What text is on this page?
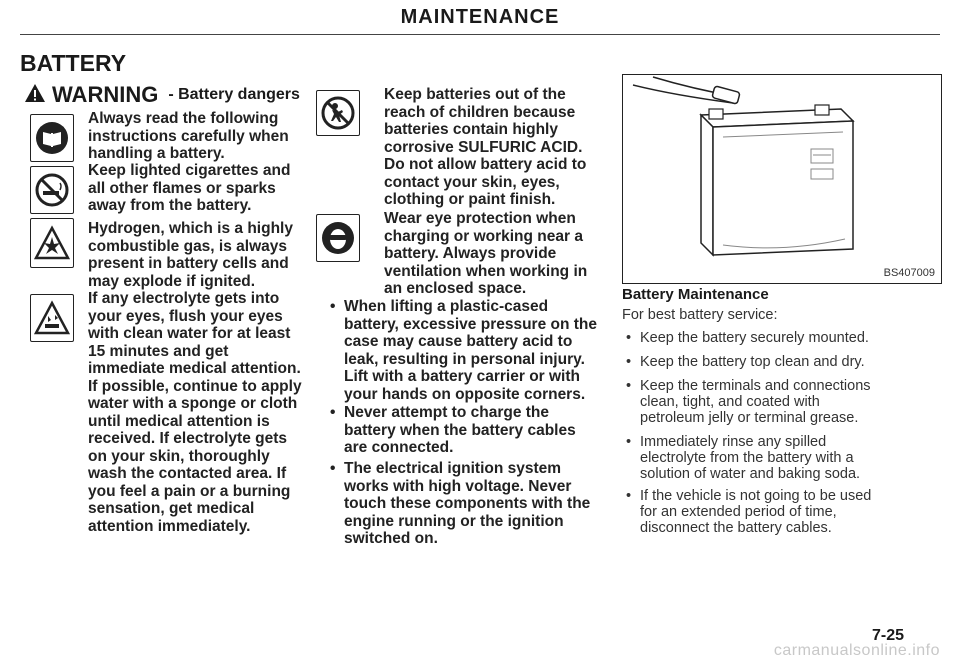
MAINTENANCE
BATTERY
WARNING - Battery dangers
Always read the following
instructions carefully when
handling a battery.
Keep lighted cigarettes and
all other flames or sparks
away from the battery.
Hydrogen, which is a highly
combustible gas, is always
present in battery cells and
may explode if ignited.
If any electrolyte gets into
your eyes, flush your eyes
with clean water for at least
15 minutes and get
immediate medical attention.
If possible, continue to apply
water with a sponge or cloth
until medical attention is
received. If electrolyte gets
on your skin, thoroughly
wash the contacted area. If
you feel a pain or a burning
sensation, get medical
attention immediately.
Keep batteries out of the
reach of children because
batteries contain highly
corrosive SULFURIC ACID.
Do not allow battery acid to
contact your skin, eyes,
clothing or paint finish.
Wear eye protection when
charging or working near a
battery. Always provide
ventilation when working in
an enclosed space.
• When lifting a plastic-cased
battery, excessive pressure on the
case may cause battery acid to
leak, resulting in personal injury.
Lift with a battery carrier or with
your hands on opposite corners.
• Never attempt to charge the
battery when the battery cables
are connected.
• The electrical ignition system
works with high voltage. Never
touch these components with the
engine running or the ignition
switched on.
BS407009
Battery Maintenance
For best battery service:
• Keep the battery securely mounted.
• Keep the battery top clean and dry.
• Keep the terminals and connections
clean, tight, and coated with
petroleum jelly or terminal grease.
• Immediately rinse any spilled
electrolyte from the battery with a
solution of water and baking soda.
• If the vehicle is not going to be used
for an extended period of time,
disconnect the battery cables.
7-25
carmanualsonline.info
